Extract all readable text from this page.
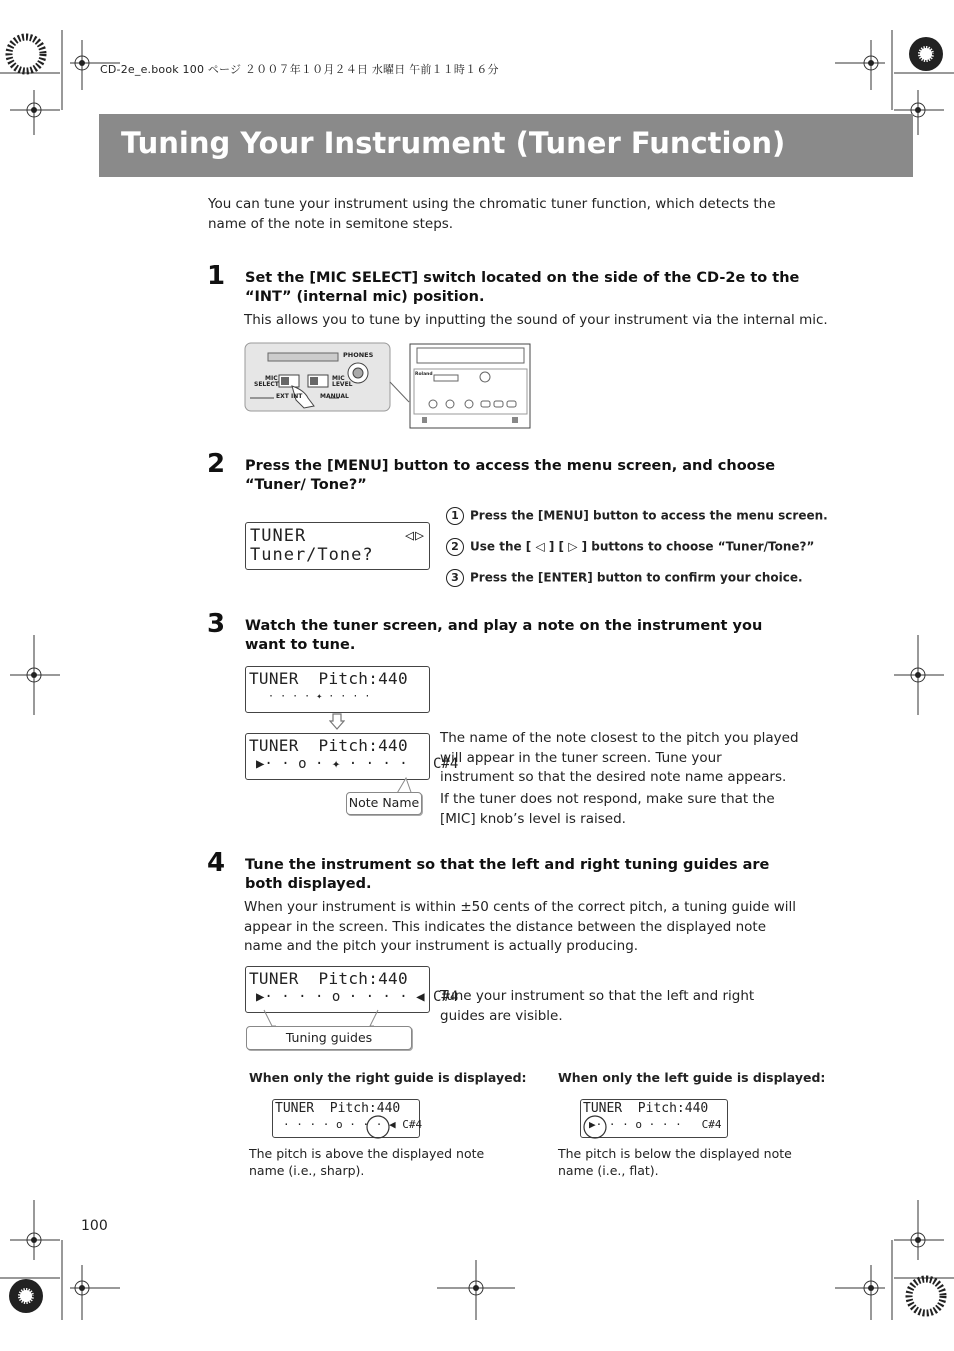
CD-2e_e.book 100 ページ ２００７年１０月２４日 水曜日 午前１１時１６分
Tuning Your Instrument (Tuner Function)
You can tune your instrument using the chromatic tuner function, which detects the name of the note in semitone steps.
1 Set the [MIC SELECT] switch located on the side of the CD-2e to the “INT” (internal mic) position.
This allows you to tune by inputting the sound of your instrument via the internal mic.
PHONES
MIC
SELECT
MIC
LEVEL
EXT INT	MANUAL
Roland
2 Press the [MENU] button to access the menu screen, and choose “Tuner/ Tone?”
TUNER	◁▷
Tuner/Tone?
1 Press the [MENU] button to access the menu screen.
2 Use the [ ◁ ] [ ▷ ] buttons to choose “Tuner/Tone?”
3 Press the [ENTER] button to confirm your choice.
3 Watch the tuner screen, and play a note on the instrument you want to tune.
TUNER  Pitch:440
· · · · ✦ · · · ·
TUNER  Pitch:440
▶· · o · ✦ · · · ·   C#4
Note Name
The name of the note closest to the pitch you played will appear in the tuner screen. Tune your instrument so that the desired note name appears.
If the tuner does not respond, make sure that the [MIC] knob’s level is raised.
4 Tune the instrument so that the left and right tuning guides are both displayed.
When your instrument is within ±50 cents of the correct pitch, a tuning guide will appear in the screen. This indicates the distance between the displayed note name and the pitch your instrument is actually producing.
TUNER  Pitch:440
▶· · · · o · · · · ◀ C#4
Tuning guides
Tune your instrument so that the left and right guides are visible.
When only the right guide is displayed:	When only the left guide is displayed:
TUNER  Pitch:440
· · · · o · · · ◀ C#4
TUNER  Pitch:440
▶· · · o · · ·   C#4
The pitch is above the displayed note name (i.e., sharp).
The pitch is below the displayed note name (i.e., flat).
100
